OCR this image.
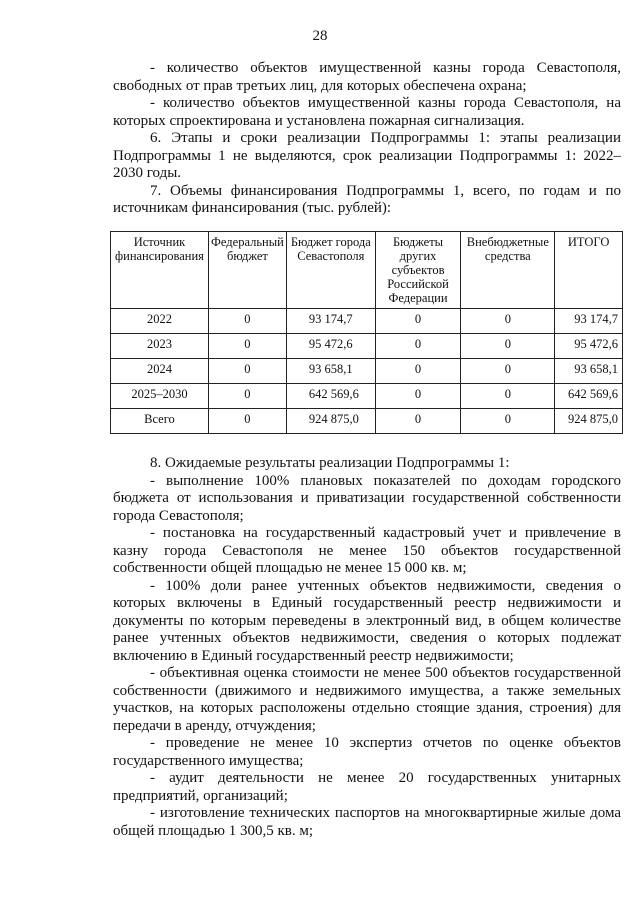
28

- количество объектов имущественной казны города Севастополя, свободных от прав третьих лиц, для которых обеспечена охрана;

- количество объектов имущественной казны города Севастополя, на которых спроектирована и установлена пожарная сигнализация.

6. Этапы и сроки реализации Подпрограммы 1: этапы реализации Подпрограммы 1 не выделяются, срок реализации Подпрограммы 1: 2022–2030 годы.

7. Объемы финансирования Подпрограммы 1, всего, по годам и по источникам финансирования (тыс. рублей):

Источник финансирования	Федеральный бюджет	Бюджет города Севастополя	Бюджеты других субъектов Российской Федерации	Внебюджетные средства	ИТОГО
2022	0	93 174,7	0	0	93 174,7
2023	0	95 472,6	0	0	95 472,6
2024	0	93 658,1	0	0	93 658,1
2025–2030	0	642 569,6	0	0	642 569,6
Всего	0	924 875,0	0	0	924 875,0

8. Ожидаемые результаты реализации Подпрограммы 1:

- выполнение 100% плановых показателей по доходам городского бюджета от использования и приватизации государственной собственности города Севастополя;

- постановка на государственный кадастровый учет и привлечение в казну города Севастополя не менее 150 объектов государственной собственности общей площадью не менее 15 000 кв. м;

- 100% доли ранее учтенных объектов недвижимости, сведения о которых включены в Единый государственный реестр недвижимости и документы по которым переведены в электронный вид, в общем количестве ранее учтенных объектов недвижимости, сведения о которых подлежат включению в Единый государственный реестр недвижимости;

- объективная оценка стоимости не менее 500 объектов государственной собственности (движимого и недвижимого имущества, а также земельных участков, на которых расположены отдельно стоящие здания, строения) для передачи в аренду, отчуждения;

- проведение не менее 10 экспертиз отчетов по оценке объектов государственного имущества;

- аудит деятельности не менее 20 государственных унитарных предприятий, организаций;

- изготовление технических паспортов на многоквартирные жилые дома общей площадью 1 300,5 кв. м;
